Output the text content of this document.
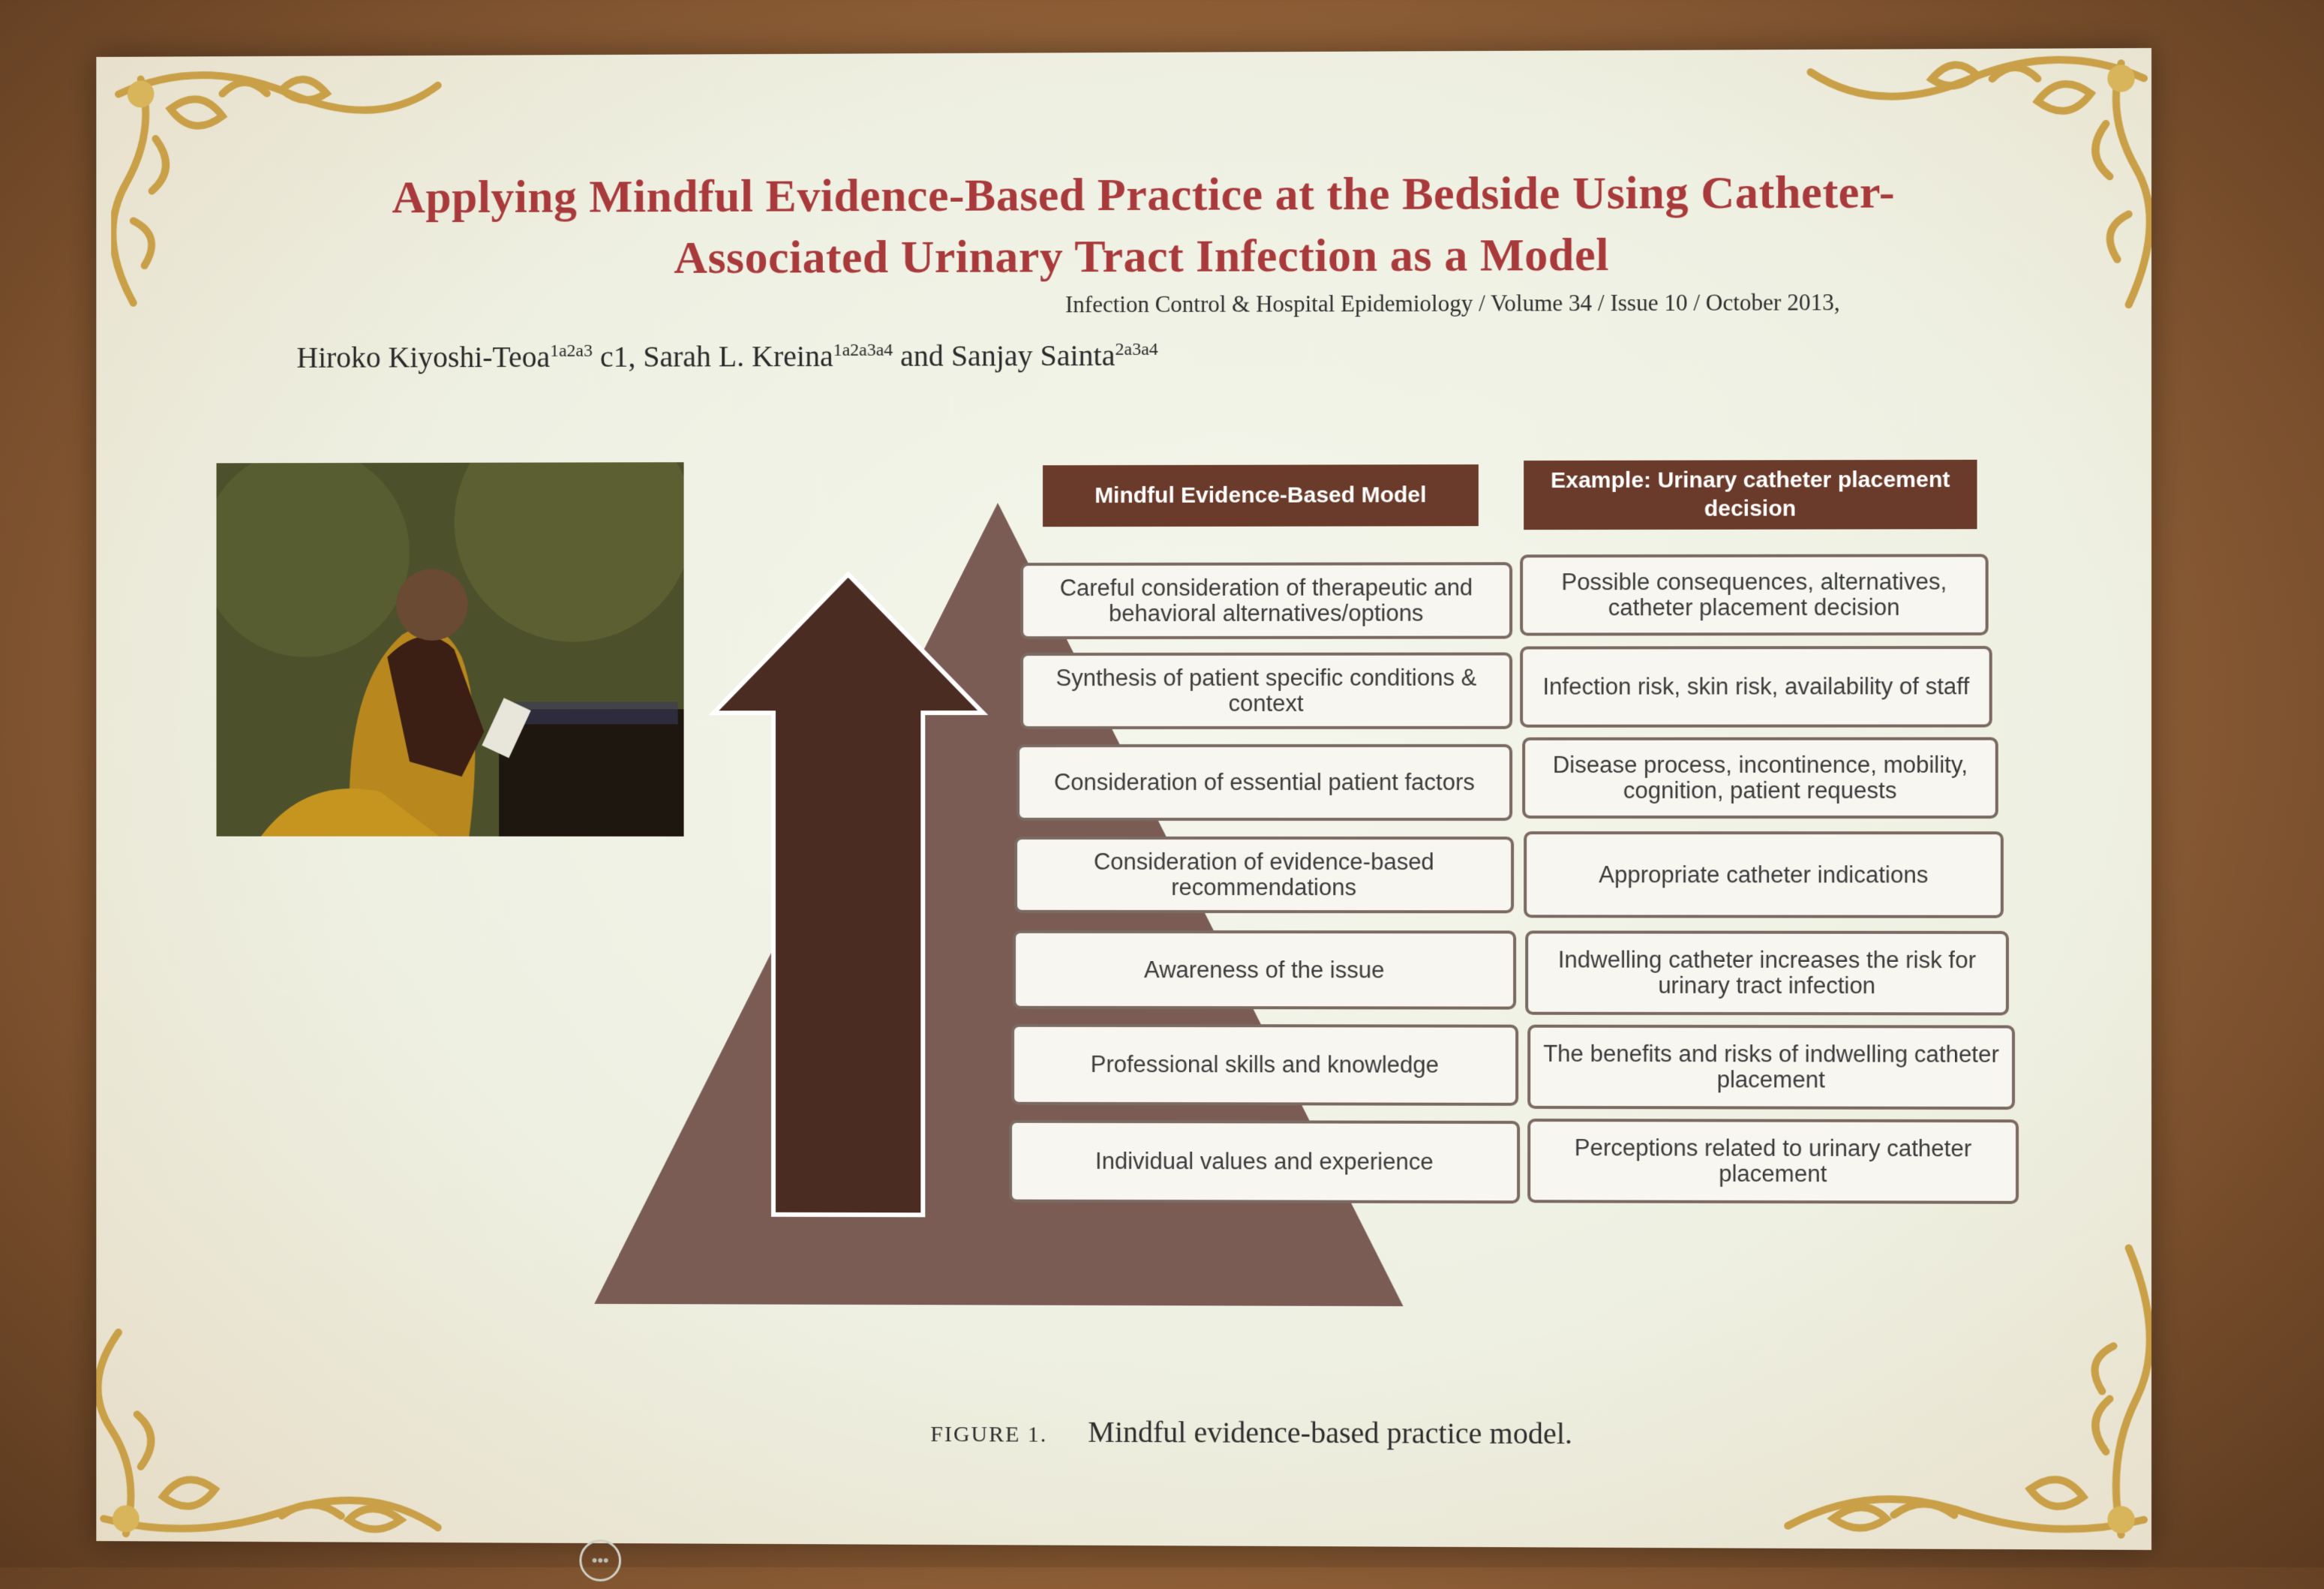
Applying Mindful Evidence-Based Practice at the Bedside Using Catheter-
Associated Urinary Tract Infection as a Model
Infection Control & Hospital Epidemiology / Volume 34 / Issue 10 / October 2013,
Hiroko Kiyoshi-Teoa$^{1a2a3}$ c1, Sarah L. Kreina$^{1a2a3a4}$ and Sanjay Sainta$^{2a3a4}$
Mindful Evidence-Based Model
Example: Urinary catheter placement decision
Careful consideration of therapeutic and behavioral alternatives/options
Synthesis of patient specific conditions & context
Consideration of essential patient factors
Consideration of evidence-based recommendations
Awareness of the issue
Professional skills and knowledge
Individual values and experience
Possible consequences, alternatives, catheter placement decision
Infection risk, skin risk, availability of staff
Disease process, incontinence, mobility, cognition, patient requests
Appropriate catheter indications
Indwelling catheter increases the risk for urinary tract infection
The benefits and risks of indwelling catheter placement
Perceptions related to urinary catheter placement
FIGURE 1. Mindful evidence-based practice model.
•••
